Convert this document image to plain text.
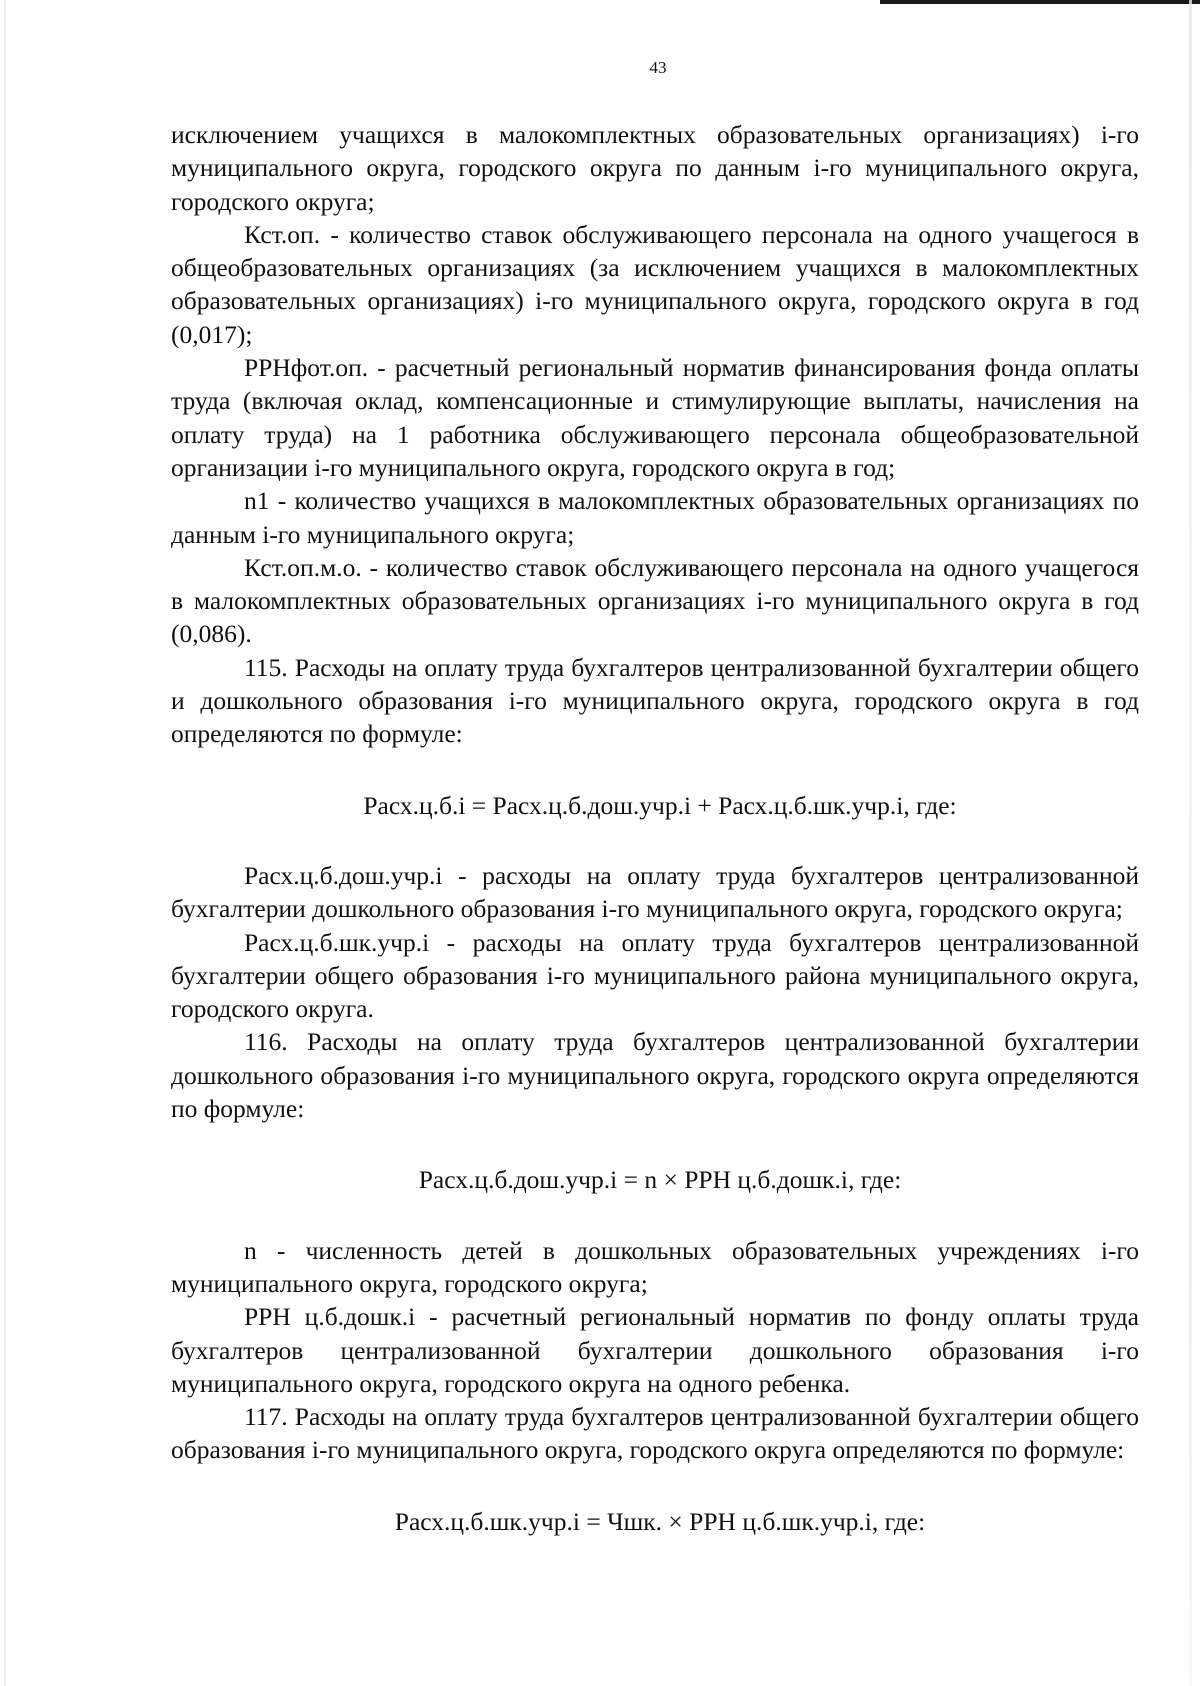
43

исключением учащихся в малокомплектных образовательных организациях) i-го муниципального округа, городского округа по данным i-го муниципального округа, городского округа;

Кст.оп. - количество ставок обслуживающего персонала на одного учащегося в общеобразовательных организациях (за исключением учащихся в малокомплектных образовательных организациях) i-го муниципального округа, городского округа в год (0,017);

РРНфот.оп. - расчетный региональный норматив финансирования фонда оплаты труда (включая оклад, компенсационные и стимулирующие выплаты, начисления на оплату труда) на 1 работника обслуживающего персонала общеобразовательной организации i-го муниципального округа, городского округа в год;

n1 - количество учащихся в малокомплектных образовательных организациях по данным i-го муниципального округа;

Кст.оп.м.о. - количество ставок обслуживающего персонала на одного учащегося в малокомплектных образовательных организациях i-го муниципального округа в год (0,086).

115. Расходы на оплату труда бухгалтеров централизованной бухгалтерии общего и дошкольного образования i-го муниципального округа, городского округа в год определяются по формуле:

Расх.ц.б.i = Расх.ц.б.дош.учр.i + Расх.ц.б.шк.учр.i, где:

Расх.ц.б.дош.учр.i - расходы на оплату труда бухгалтеров централизованной бухгалтерии дошкольного образования i-го муниципального округа, городского округа;

Расх.ц.б.шк.учр.i - расходы на оплату труда бухгалтеров централизованной бухгалтерии общего образования i-го муниципального района муниципального округа, городского округа.

116. Расходы на оплату труда бухгалтеров централизованной бухгалтерии дошкольного образования i-го муниципального округа, городского округа определяются по формуле:

Расх.ц.б.дош.учр.i = n × РРН ц.б.дошк.i, где:

n - численность детей в дошкольных образовательных учреждениях i-го муниципального округа, городского округа;

РРН ц.б.дошк.i - расчетный региональный норматив по фонду оплаты труда бухгалтеров централизованной бухгалтерии дошкольного образования i-го муниципального округа, городского округа на одного ребенка.

117. Расходы на оплату труда бухгалтеров централизованной бухгалтерии общего образования i-го муниципального округа, городского округа определяются по формуле:

Расх.ц.б.шк.учр.i = Чшк. × РРН ц.б.шк.учр.i, где:
